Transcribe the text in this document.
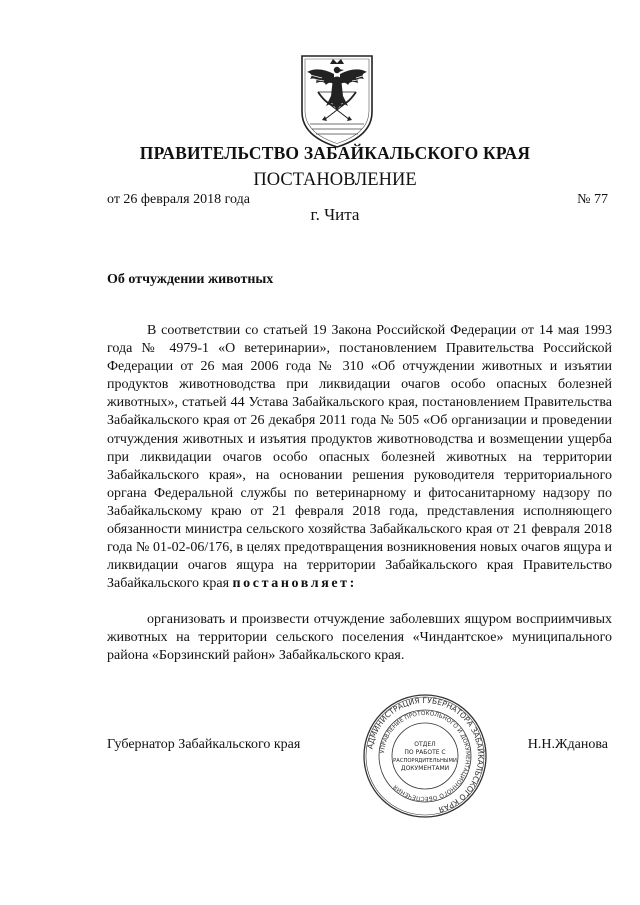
ПРАВИТЕЛЬСТВО ЗАБАЙКАЛЬСКОГО КРАЯ
ПОСТАНОВЛЕНИЕ
от 26 февраля 2018 года	№ 77
г. Чита
Об отчуждении животных

В соответствии со статьей 19 Закона Российской Федерации от 14 мая 1993 года № 4979-1 «О ветеринарии», постановлением Правительства Российской Федерации от 26 мая 2006 года № 310 «Об отчуждении животных и изъятии продуктов животноводства при ликвидации очагов особо опасных болезней животных», статьей 44 Устава Забайкальского края, постановлением Правительства Забайкальского края от 26 декабря 2011 года № 505 «Об организации и проведении отчуждения животных и изъятия продуктов животноводства и возмещении ущерба при ликвидации очагов особо опасных болезней животных на территории Забайкальского края», на основании решения руководителя территориального органа Федеральной службы по ветеринарному и фитосанитарному надзору по Забайкальскому краю от 21 февраля 2018 года, представления исполняющего обязанности министра сельского хозяйства Забайкальского края от 21 февраля 2018 года № 01-02-06/176, в целях предотвращения возникновения новых очагов ящура и ликвидации очагов ящура на территории Забайкальского края Правительство Забайкальского края постановляет:

организовать и произвести отчуждение заболевших ящуром восприимчивых животных на территории сельского поселения «Чиндантское» муниципального района «Борзинский район» Забайкальского края.

АДМИНИСТРАЦИЯ ГУБЕРНАТОРА ЗАБАЙКАЛЬСКОГО КРАЯ
УПРАВЛЕНИЕ ПРОТОКОЛЬНОГО И ДОКУМЕНТАЦИОННОГО ОБЕСПЕЧЕНИЯ
ОТДЕЛ
ПО РАБОТЕ С
РАСПОРЯДИТЕЛЬНЫМИ
ДОКУМЕНТАМИ
Губернатор Забайкальского края	Н.Н.Жданова
